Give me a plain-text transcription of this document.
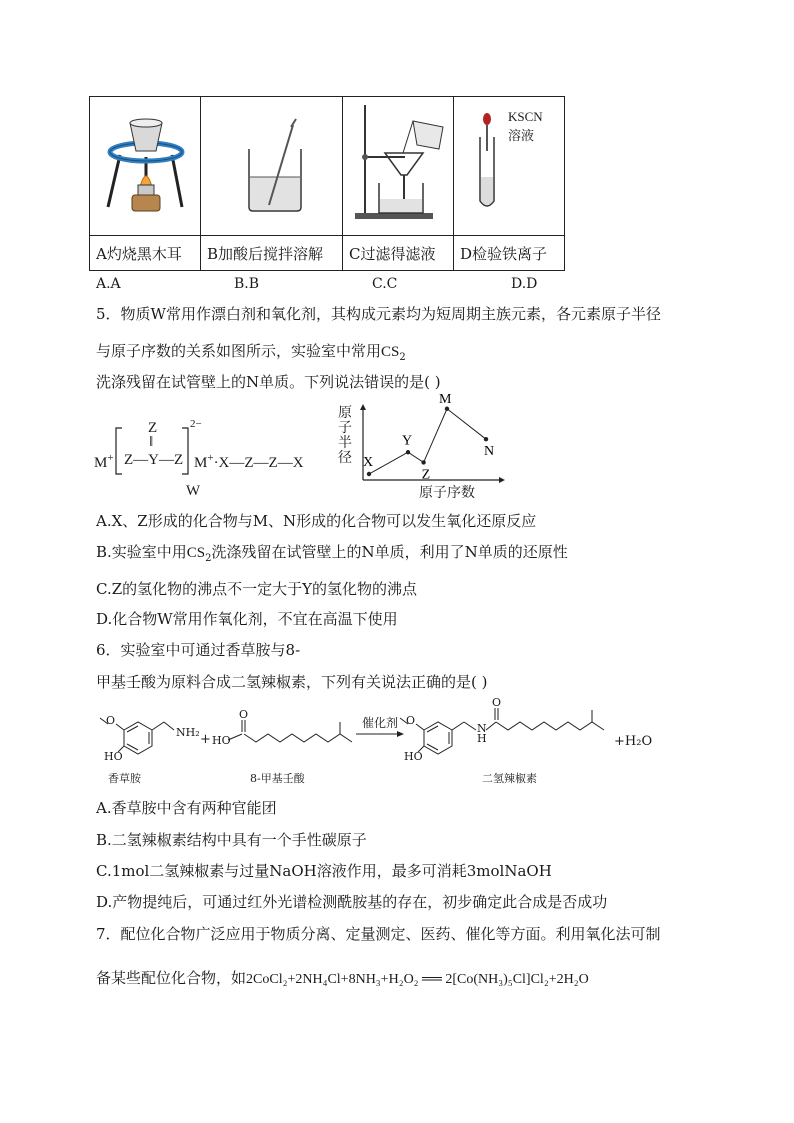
KSCN
溶液

A灼烧黑木耳	B加酸后搅拌溶解	C过滤得滤液	D检验铁离子
A.A	B.B	C.C	D.D
5．物质W常用作漂白剂和氧化剂，其构成元素均为短周期主族元素，各元素原子半径
与原子序数的关系如图所示，实验室中常用$CS_2$
洗涤残留在试管壁上的N单质。下列说法错误的是( )
M+
Z
‖
Z—Y—Z
2−
M+·X—Z—Z—X
W
原
子
半
径 X
Y
Z
M
N
原子序数
A.X、Z形成的化合物与M、N形成的化合物可以发生氧化还原反应
B.实验室中用$CS_2$洗涤残留在试管壁上的N单质，利用了N单质的还原性
C.Z的氢化物的沸点不一定大于Y的氢化物的沸点
D.化合物W常用作氧化剂，不宜在高温下使用
6．实验室中可通过香草胺与8-
甲基壬酸为原料合成二氢辣椒素，下列有关说法正确的是( )
O
HO
NH₂ +
O
HO
催化剂 O
HO
N
H
O
+H₂O
香草胺	8-甲基壬酸	二氢辣椒素
A.香草胺中含有两种官能团
B.二氢辣椒素结构中具有一个手性碳原子
C.1mol二氢辣椒素与过量NaOH溶液作用，最多可消耗3molNaOH
D.产物提纯后，可通过红外光谱检测酰胺基的存在，初步确定此合成是否成功
7．配位化合物广泛应用于物质分离、定量测定、医药、催化等方面。利用氧化法可制
备某些配位化合物，如2CoCl₂+2NH₄Cl+8NH₃+H₂O₂ ══ 2[Co(NH₃)₅Cl]Cl₂+2H₂O
